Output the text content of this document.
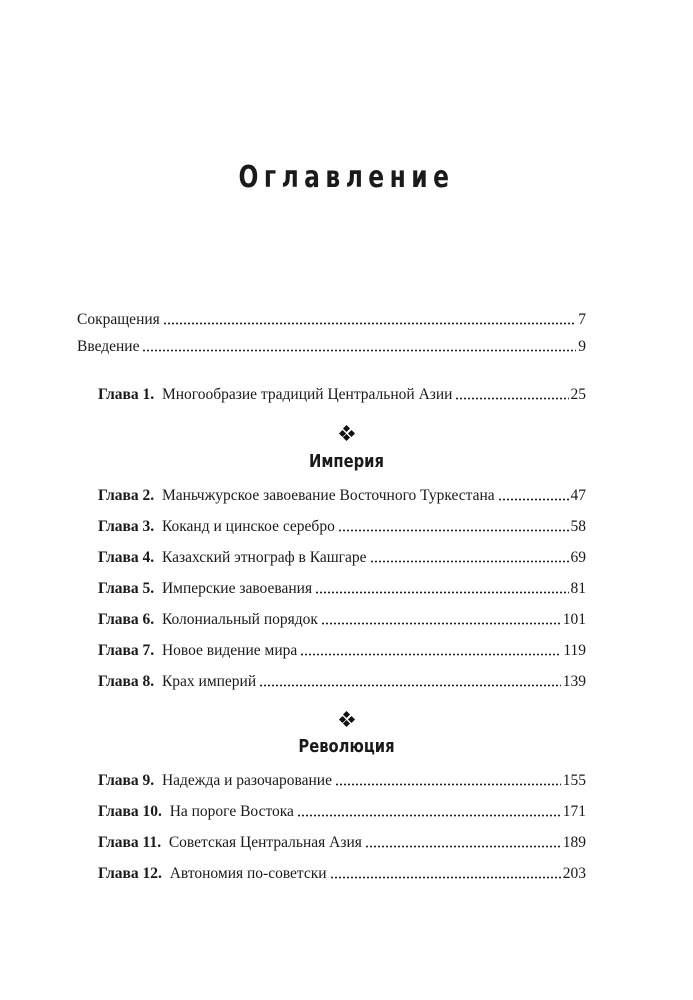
Оглавление
Сокращения	7
Введение	9
Глава 1. Многообразие традиций Центральной Азии	25
Империя
Глава 2. Маньчжурское завоевание Восточного Туркестана	47
Глава 3. Коканд и цинское серебро	58
Глава 4. Казахский этнограф в Кашгаре	69
Глава 5. Имперские завоевания	81
Глава 6. Колониальный порядок	101
Глава 7. Новое видение мира	119
Глава 8. Крах империй	139
Революция
Глава 9. Надежда и разочарование	155
Глава 10. На пороге Востока	171
Глава 11. Советская Центральная Азия	189
Глава 12. Автономия по-советски	203
